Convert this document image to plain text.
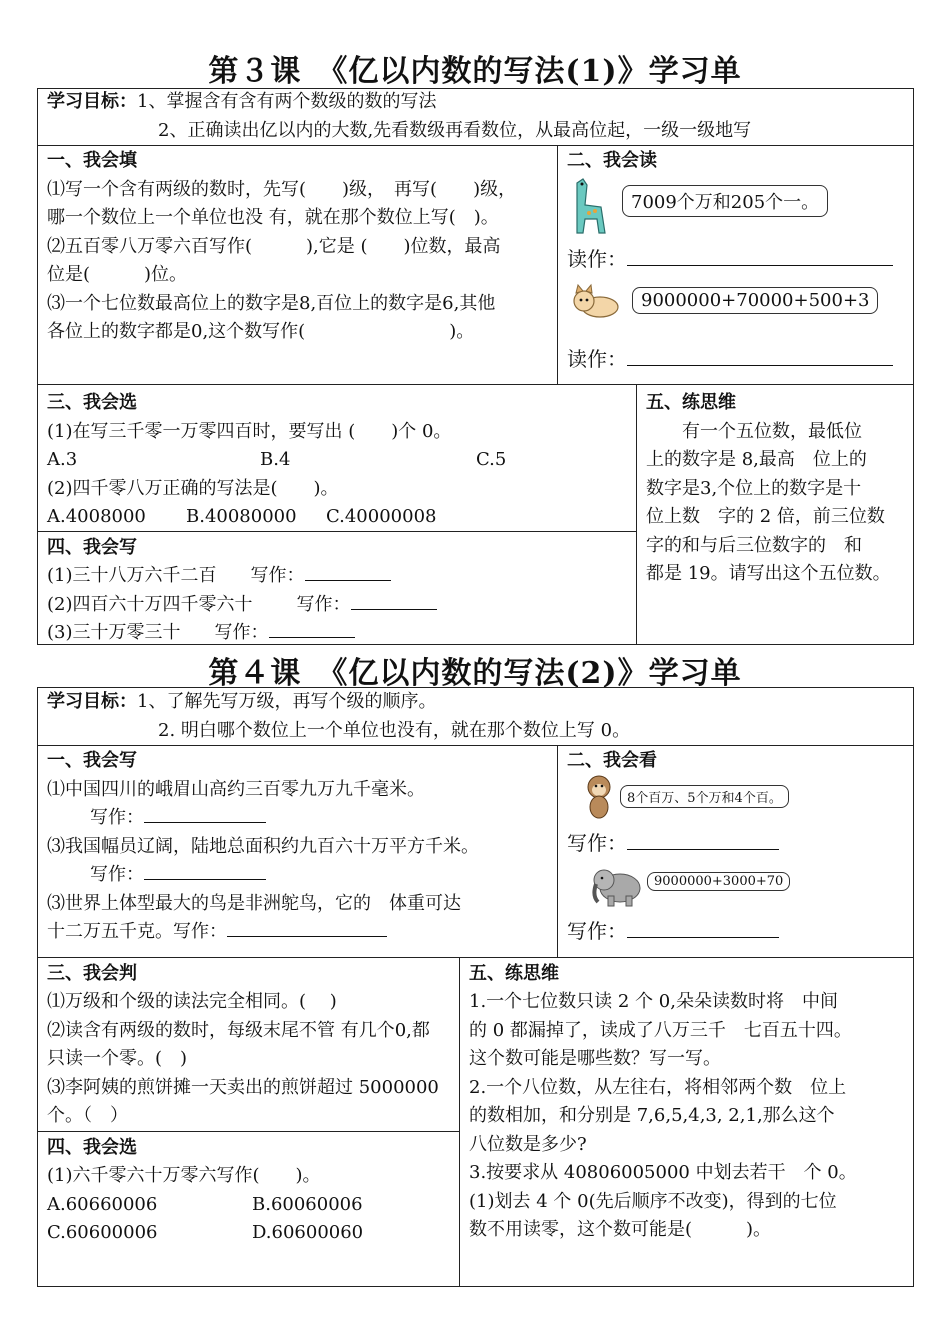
第３课　《亿以内数的写法(1)》学习单
学习目标：1、掌握含有含有两个数级的数的写法
2、正确读出亿以内的大数,先看数级再看数位，从最高位起，一级一级地写
一、我会填
⑴写一个含有两级的数时，先写(　　)级，　再写(　　)级，
哪一个数位上一个单位也没 有，就在那个数位上写(　)。
⑵五百零八万零六百写作(　　　),它是 (　　)位数，最高
位是(　　　)位。
⑶一个七位数最高位上的数字是8,百位上的数字是6,其他
各位上的数字都是0,这个数写作(　　　　　　　　)。
二、我会读
7009个万和205个一。
读作：
9000000+70000+500+3
读作：
三、我会选
(1)在写三千零一万零四百时，要写出 (　　)个 0。
A.3	B.4	C.5
(2)四千零八万正确的写法是(　　)。
A.4008000 B.40080000 C.40000008
四、我会写
(1)三十八万六千二百 写作：
(2)四百六十万四千零六十 写作：
(3)三十万零三十 写作：
五、练思维
　　有一个五位数，最低位
上的数字是 8,最高　位上的
数字是3,个位上的数字是十
位上数　字的 2 倍，前三位数
字的和与后三位数字的　和
都是 19。请写出这个五位数。
第４课　《亿以内数的写法(2)》学习单
学习目标：1、了解先写万级，再写个级的顺序。
2. 明白哪个数位上一个单位也没有，就在那个数位上写 0。
一、我会写
⑴中国四川的峨眉山高约三百零九万九千毫米。
写作：
⑶我国幅员辽阔，陆地总面积约九百六十万平方千米。
写作：
⑶世界上体型最大的鸟是非洲鸵鸟，它的　体重可达
十二万五千克。写作：
二、我会看
8个百万、5个万和4个百。
写作：
9000000+3000+70
写作：
三、我会判
⑴万级和个级的读法完全相同。(　 )
⑵读含有两级的数时，每级末尾不管 有几个0,都
只读一个零。(　)
⑶李阿姨的煎饼摊一天卖出的煎饼超过 5000000
个。（　）
四、我会选
(1)六千零六十万零六写作(　　)。
A.60660006	B.60060006
C.60600006	D.60600060
五、练思维
1.一个七位数只读 2 个 0,朵朵读数时将　中间
的 0 都漏掉了，读成了八万三千　七百五十四。
这个数可能是哪些数？写一写。
2.一个八位数，从左往右，将相邻两个数　位上
的数相加，和分别是 7,6,5,4,3, 2,1,那么这个
八位数是多少?
3.按要求从 40806005000 中划去若干　个 0。
(1)划去 4 个 0(先后顺序不改变)，得到的七位
数不用读零，这个数可能是(　　　)。
